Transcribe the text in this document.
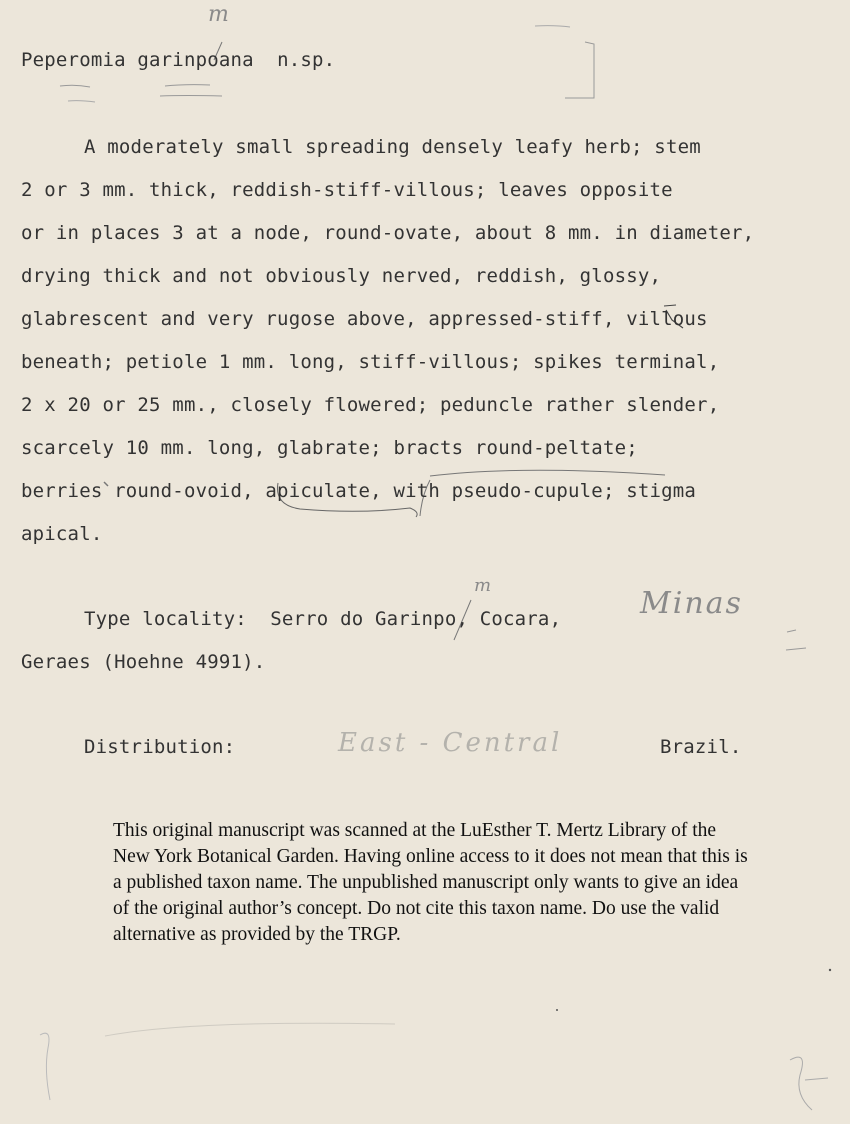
Peperomia garinpoana n.sp.
m
A moderately small spreading densely leafy herb; stem
2 or 3 mm. thick, reddish-stiff-villous; leaves opposite
or in places 3 at a node, round-ovate, about 8 mm. in diameter,
drying thick and not obviously nerved, reddish, glossy,
glabrescent and very rugose above, appressed-stiff, villous
beneath; petiole 1 mm. long, stiff-villous; spikes terminal,
2 x 20 or 25 mm., closely flowered; peduncle rather slender,
scarcely 10 mm. long, glabrate; bracts round-peltate;
berries round-ovoid, apiculate, with pseudo-cupule; stigma
apical.
Type locality: Serro do Garinpo, Cocara,
m
Minas
Geraes (Hoehne 4991).
Distribution:	East - Central	Brazil.
This original manuscript was scanned at the LuEsther T. Mertz Library of the New York Botanical Garden. Having online access to it does not mean that this is a published taxon name. The unpublished manuscript only wants to give an idea of the original author’s concept. Do not cite this taxon name. Do use the valid alternative as provided by the TRGP.
